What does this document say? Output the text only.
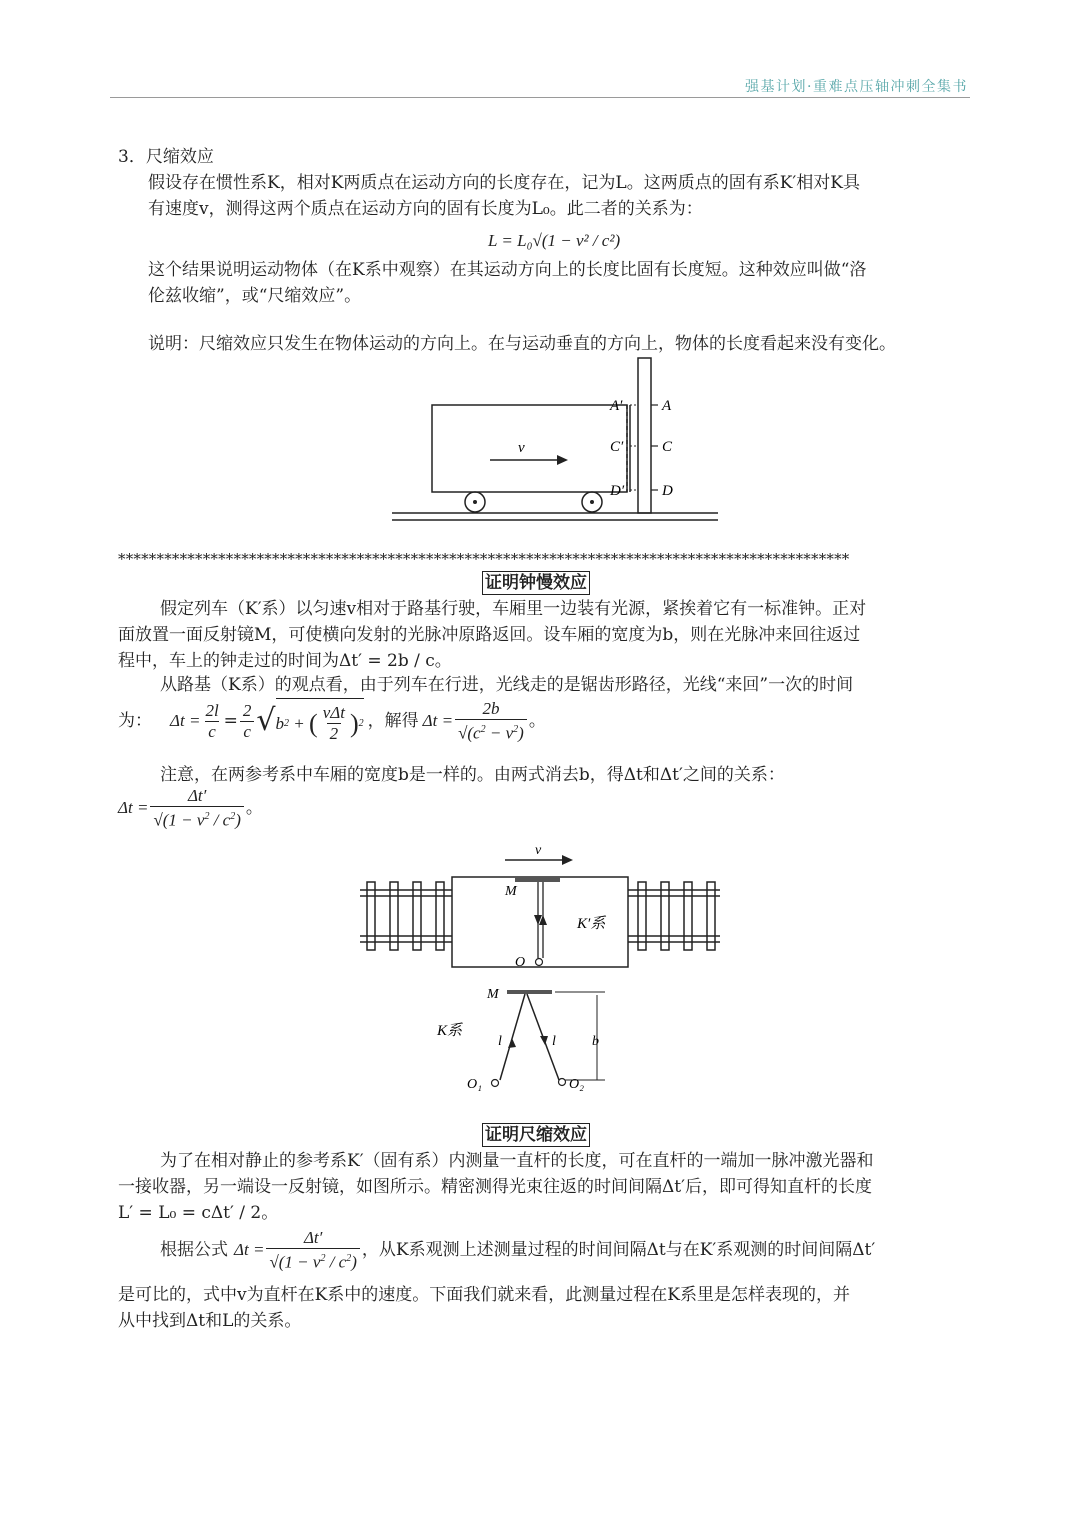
强基计划·重难点压轴冲刺全集书
3．尺缩效应
假设存在惯性系K，相对K两质点在运动方向的长度存在，记为L。这两质点的固有系K′相对K具
有速度v，测得这两个质点在运动方向的固有长度为L₀。此二者的关系为：
L = L₀√(1 − v² / c²)
这个结果说明运动物体（在K系中观察）在其运动方向上的长度比固有长度短。这种效应叫做“洛
伦兹收缩”，或“尺缩效应”。
说明：尺缩效应只发生在物体运动的方向上。在与运动垂直的方向上，物体的长度看起来没有变化。
v
A′	A
C′	C
D′	D
***********************************************************************************************
证明钟慢效应
假定列车（K′系）以匀速v相对于路基行驶，车厢里一边装有光源，紧挨着它有一标准钟。正对
面放置一面反射镜M，可使横向发射的光脉冲原路返回。设车厢的宽度为b，则在光脉冲来回往返过
程中，车上的钟走过的时间为Δt′ = 2b / c。
从路基（K系）的观点看，由于列车在行进，光线走的是锯齿形路径，光线“来回”一次的时间
为： $\Delta t = \frac{2l}{c} = \frac{2}{c}$ √ b 2 + ( $\frac{\text{vΔt}}{2}$ ) 2 ，解得 $\Delta t = \frac{2b}{√(c^2 - v^2)}$ 。
注意，在两参考系中车厢的宽度b是一样的。由两式消去b，得Δt和Δt′之间的关系：
$\Delta t = \frac{\Delta t'}{√(1 - v^2 / c^2)}$ 。
v
M
O
K′系
M
K系
l	l	b
O₁	O₂
证明尺缩效应
为了在相对静止的参考系K′（固有系）内测量一直杆的长度，可在直杆的一端加一脉冲激光器和
一接收器，另一端设一反射镜，如图所示。精密测得光束往返的时间间隔Δt′后，即可得知直杆的长度
L′ = L₀ = cΔt′ / 2。
根据公式 $\Delta t = \frac{\Delta t'}{√(1 - v^2 / c^2)}$ ，从K系观测上述测量过程的时间间隔Δt与在K′系观测的时间间隔Δt′
是可比的，式中v为直杆在K系中的速度。下面我们就来看，此测量过程在K系里是怎样表现的，并
从中找到Δt和L的关系。
